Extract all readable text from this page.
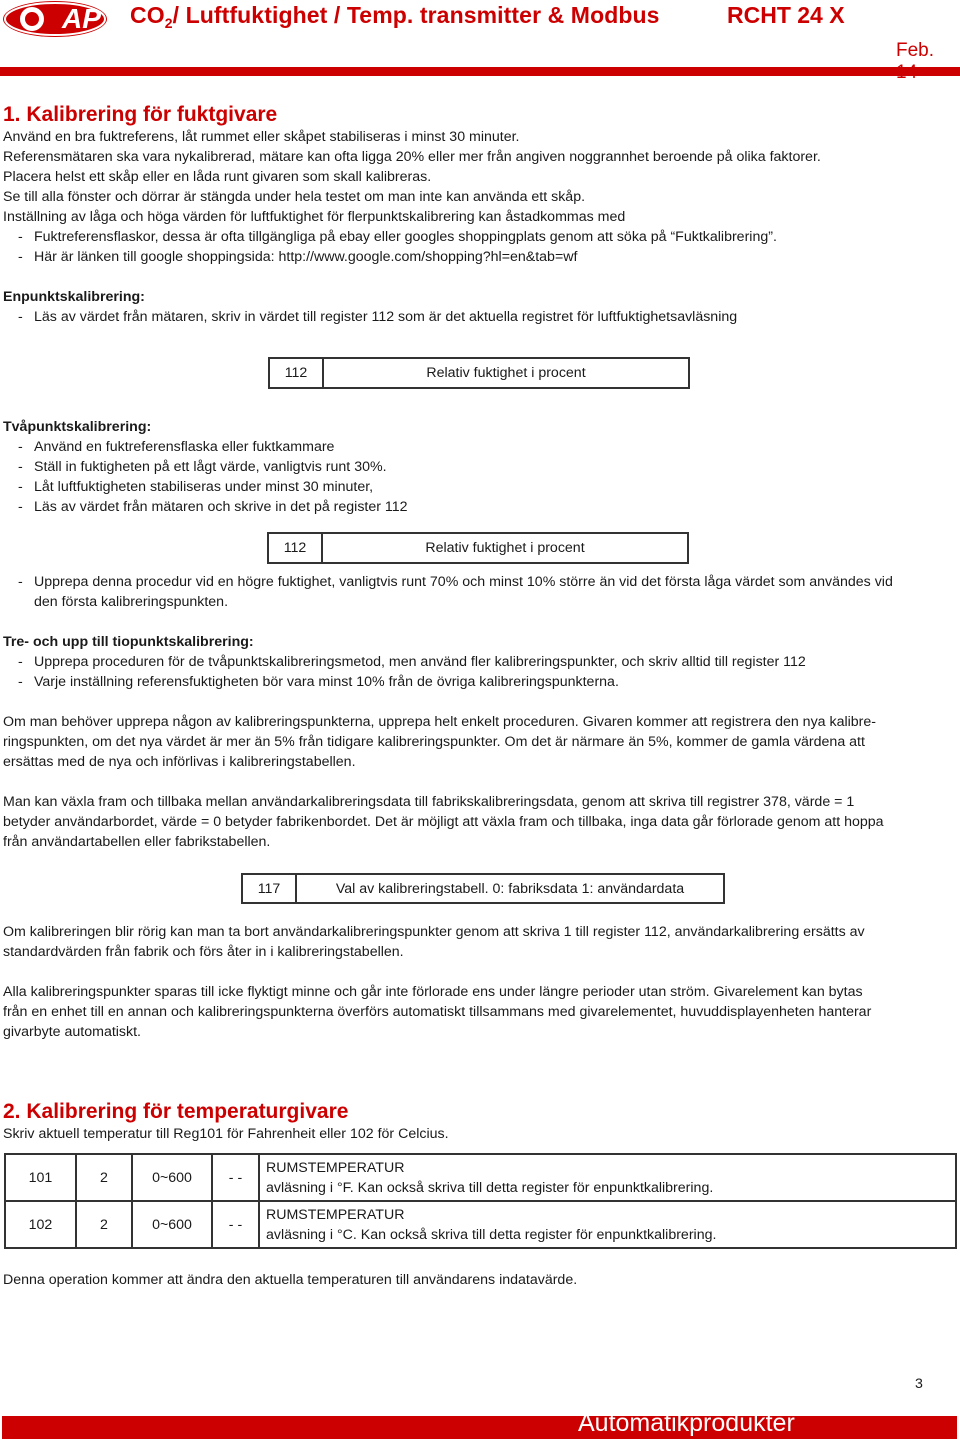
AP $CO_2/$ Luftfuktighet / Temp. transmitter & Modbus	RCHT 24 X
Feb.
1. Kalibrering för fuktgivare
Använd en bra fuktreferens, låt rummet eller skåpet stabiliseras i minst 30 minuter.
Referensmätaren ska vara nykalibrerad, mätare kan ofta ligga 20% eller mer från angiven noggrannhet beroende på olika faktorer.
Placera helst ett skåp eller en låda runt givaren som skall kalibreras.
Se till alla fönster och dörrar är stängda under hela testet om man inte kan använda ett skåp.
Inställning av låga och höga värden för luftfuktighet för flerpunktskalibrering kan åstadkommas med
- Fuktreferensflaskor, dessa är ofta tillgängliga på ebay eller googles shoppingplats genom att söka på “Fuktkalibrering”.
- Här är länken till google shoppingsida: http://www.google.com/shopping?hl=en&tab=wf
Enpunktskalibrering:
- Läs av värdet från mätaren, skriv in värdet till register 112 som är det aktuella registret för luftfuktighetsavläsning
112	Relativ fuktighet i procent
Tvåpunktskalibrering:
- Använd en fuktreferensflaska eller fuktkammare
- Ställ in fuktigheten på ett lågt värde, vanligtvis runt 30%.
- Låt luftfuktigheten stabiliseras under minst 30 minuter,
- Läs av värdet från mätaren och skrive in det på register 112
112	Relativ fuktighet i procent
- Upprepa denna procedur vid en högre fuktighet, vanligtvis runt 70% och minst 10% större än vid det första låga värdet som användes vid
den första kalibreringspunkten.
Tre- och upp till tiopunktskalibrering:
- Upprepa proceduren för de tvåpunktskalibreringsmetod, men använd fler kalibreringspunkter, och skriv alltid till register 112
- Varje inställning referensfuktigheten bör vara minst 10% från de övriga kalibreringspunkterna.
Om man behöver upprepa någon av kalibreringspunkterna, upprepa helt enkelt proceduren. Givaren kommer att registrera den nya kalibre-
ringspunkten, om det nya värdet är mer än 5% från tidigare kalibreringspunkter. Om det är närmare än 5%, kommer de gamla värdena att
ersättas med de nya och införlivas i kalibreringstabellen.
Man kan växla fram och tillbaka mellan användarkalibreringsdata till fabrikskalibreringsdata, genom att skriva till registrer 378, värde = 1
betyder användarbordet, värde = 0 betyder fabrikenbordet. Det är möjligt att växla fram och tillbaka, inga data går förlorade genom att hoppa
från användartabellen eller fabrikstabellen.
117	Val av kalibreringstabell. 0: fabriksdata 1: användardata
Om kalibreringen blir rörig kan man ta bort användarkalibreringspunkter genom att skriva 1 till register 112, användarkalibrering ersätts av
standardvärden från fabrik och förs åter in i kalibreringstabellen.
Alla kalibreringspunkter sparas till icke flyktigt minne och går inte förlorade ens under längre perioder utan ström. Givarelement kan bytas
från en enhet till en annan och kalibreringspunkterna överförs automatiskt tillsammans med givarelementet, huvuddisplayenheten hanterar
givarbyte automatiskt.
2. Kalibrering för temperaturgivare
Skriv aktuell temperatur till Reg101 för Fahrenheit eller 102 för Celcius.
101	2	0~600	- -	RUMSTEMPERATUR
avläsning i °F. Kan också skriva till detta register för enpunktkalibrering.

102	2	0~600	- -	RUMSTEMPERATUR
avläsning i °C. Kan också skriva till detta register för enpunktkalibrering.
Denna operation kommer att ändra den aktuella temperaturen till användarens indatavärde.
3
Automatikprodukter
